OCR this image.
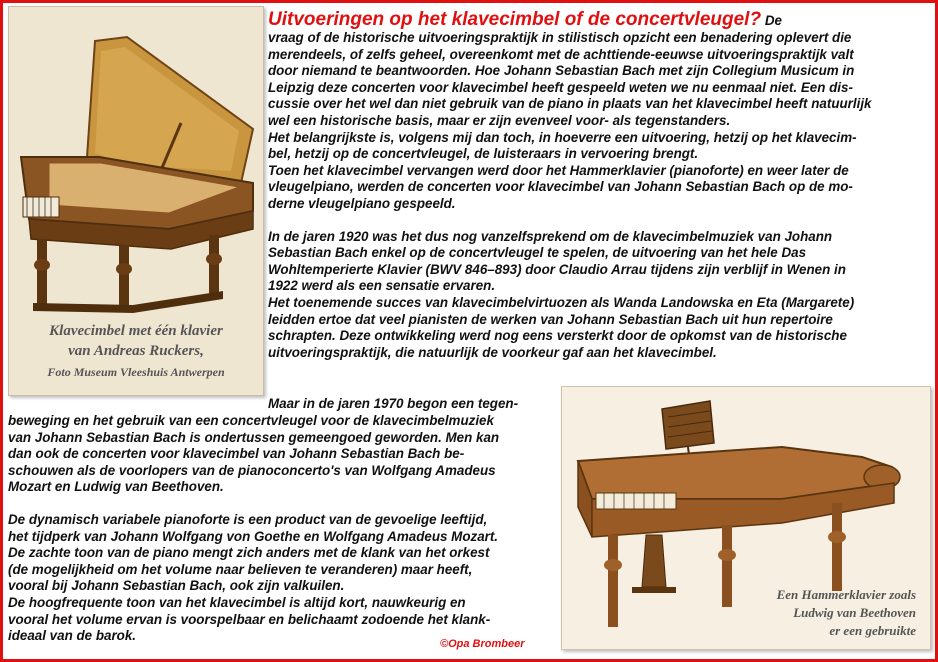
Klavecimbel met één klavier
van Andreas Ruckers,
Foto Museum Vleeshuis Antwerpen
Uitvoeringen op het klavecimbel of de concertvleugel? De
vraag of de historische uitvoeringspraktijk in stilistisch opzicht een benadering oplevert die
merendeels, of zelfs geheel, overeenkomt met de achttiende-eeuwse uitvoeringspraktijk valt
door niemand te beantwoorden. Hoe Johann Sebastian Bach met zijn Collegium Musicum in
Leipzig deze concerten voor klavecimbel heeft gespeeld weten we nu eenmaal niet. Een dis-
cussie over het wel dan niet gebruik van de piano in plaats van het klavecimbel heeft natuurlijk
wel een historische basis, maar er zijn evenveel voor- als tegenstanders.
Het belangrijkste is, volgens mij dan toch, in hoeverre een uitvoering, hetzij op het klavecim-
bel, hetzij op de concertvleugel, de luisteraars in vervoering brengt.
Toen het klavecimbel vervangen werd door het Hammerklavier (pianoforte) en weer later de
vleugelpiano, werden de concerten voor klavecimbel van Johann Sebastian Bach op de mo-
derne vleugelpiano gespeeld.
In de jaren 1920 was het dus nog vanzelfsprekend om de klavecimbelmuziek van Johann
Sebastian Bach enkel op de concertvleugel te spelen, de uitvoering van het hele Das
Wohltemperierte Klavier (BWV 846–893) door Claudio Arrau tijdens zijn verblijf in Wenen in
1922 werd als een sensatie ervaren.
Het toenemende succes van klavecimbelvirtuozen als Wanda Landowska en Eta (Margarete)
leidden ertoe dat veel pianisten de werken van Johann Sebastian Bach uit hun repertoire
schrapten. Deze ontwikkeling werd nog eens versterkt door de opkomst van de historische
uitvoeringspraktijk, die natuurlijk de voorkeur gaf aan het klavecimbel.
Maar in de jaren 1970 begon een tegen-
beweging en het gebruik van een concertvleugel voor de klavecimbelmuziek
van Johann Sebastian Bach is ondertussen gemeengoed geworden. Men kan
dan ook de concerten voor klavecimbel van Johann Sebastian Bach be-
schouwen als de voorlopers van de pianoconcerto's van Wolfgang Amadeus
Mozart en Ludwig van Beethoven.
De dynamisch variabele pianoforte is een product van de gevoelige leeftijd,
het tijdperk van Johann Wolfgang von Goethe en Wolfgang Amadeus Mozart.
De zachte toon van de piano mengt zich anders met de klank van het orkest
(de mogelijkheid om het volume naar believen te veranderen) maar heeft,
vooral bij Johann Sebastian Bach, ook zijn valkuilen.
De hoogfrequente toon van het klavecimbel is altijd kort, nauwkeurig en
vooral het volume ervan is voorspelbaar en belichaamt zodoende het klank-
ideaal van de barok.
Een Hammerklavier zoals
Ludwig van Beethoven
er een gebruikte
©Opa Brombeer
